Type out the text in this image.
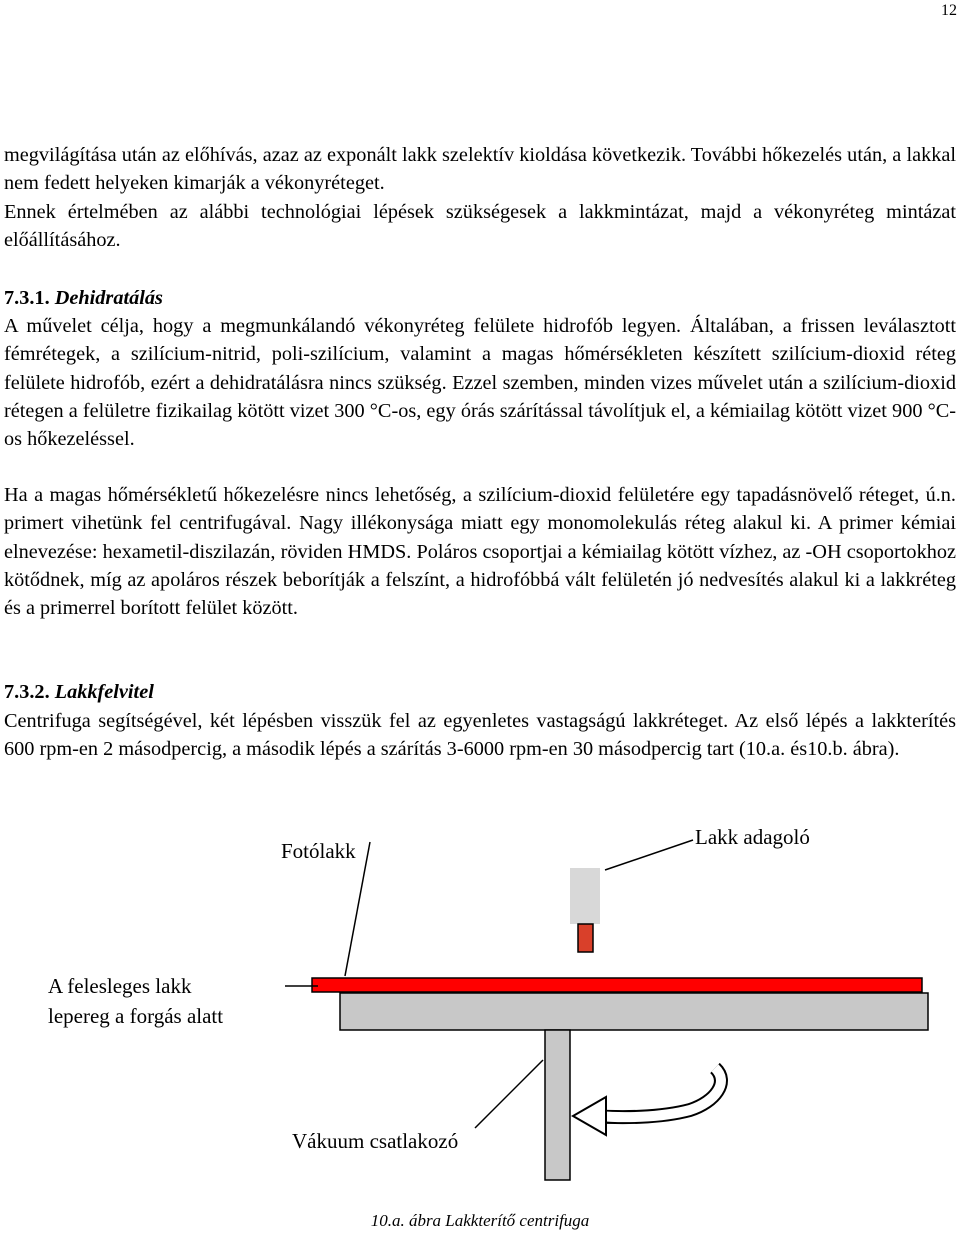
12

megvilágítása után az előhívás, azaz az exponált lakk szelektív kioldása következik. További hőkezelés után, a lakkal nem fedett helyeken kimarják a vékonyréteget.

Ennek értelmében az alábbi technológiai lépések szükségesek a lakkmintázat, majd a vékonyréteg mintázat előállításához.

7.3.1. Dehidratálás

A művelet célja, hogy a megmunkálandó vékonyréteg felülete hidrofób legyen. Általában, a frissen leválasztott fémrétegek, a szilícium-nitrid, poli-szilícium, valamint a magas hőmérsékleten készített szilícium-dioxid réteg felülete hidrofób, ezért a dehidratálásra nincs szükség. Ezzel szemben, minden vizes művelet után a szilícium-dioxid rétegen a felületre fizikailag kötött vizet 300 °C-os, egy órás szárítással távolítjuk el, a kémiailag kötött vizet 900 °C-os hőkezeléssel.

Ha a magas hőmérsékletű hőkezelésre nincs lehetőség, a szilícium-dioxid felületére egy tapadásnövelő réteget, ú.n. primert vihetünk fel centrifugával. Nagy illékonysága miatt egy monomolekulás réteg alakul ki. A primer kémiai elnevezése: hexametil-diszilazán, röviden HMDS. Poláros csoportjai a kémiailag kötött vízhez, az -OH csoportokhoz kötődnek, míg az apoláros részek beborítják a felszínt, a hidrofóbbá vált felületén jó nedvesítés alakul ki a lakkréteg és a primerrel borított felület között.

7.3.2. Lakkfelvitel

Centrifuga segítségével, két lépésben visszük fel az egyenletes vastagságú lakkréteget. Az első lépés a lakkterítés 600 rpm-en 2 másodpercig, a második lépés a szárítás 3-6000 rpm-en 30 másodpercig tart (10.a. és10.b. ábra).

Fotólakk
Lakk adagoló
A felesleges lakk
lepereg a forgás alatt
Vákuum csatlakozó
10.a. ábra Lakkterítő centrifuga
